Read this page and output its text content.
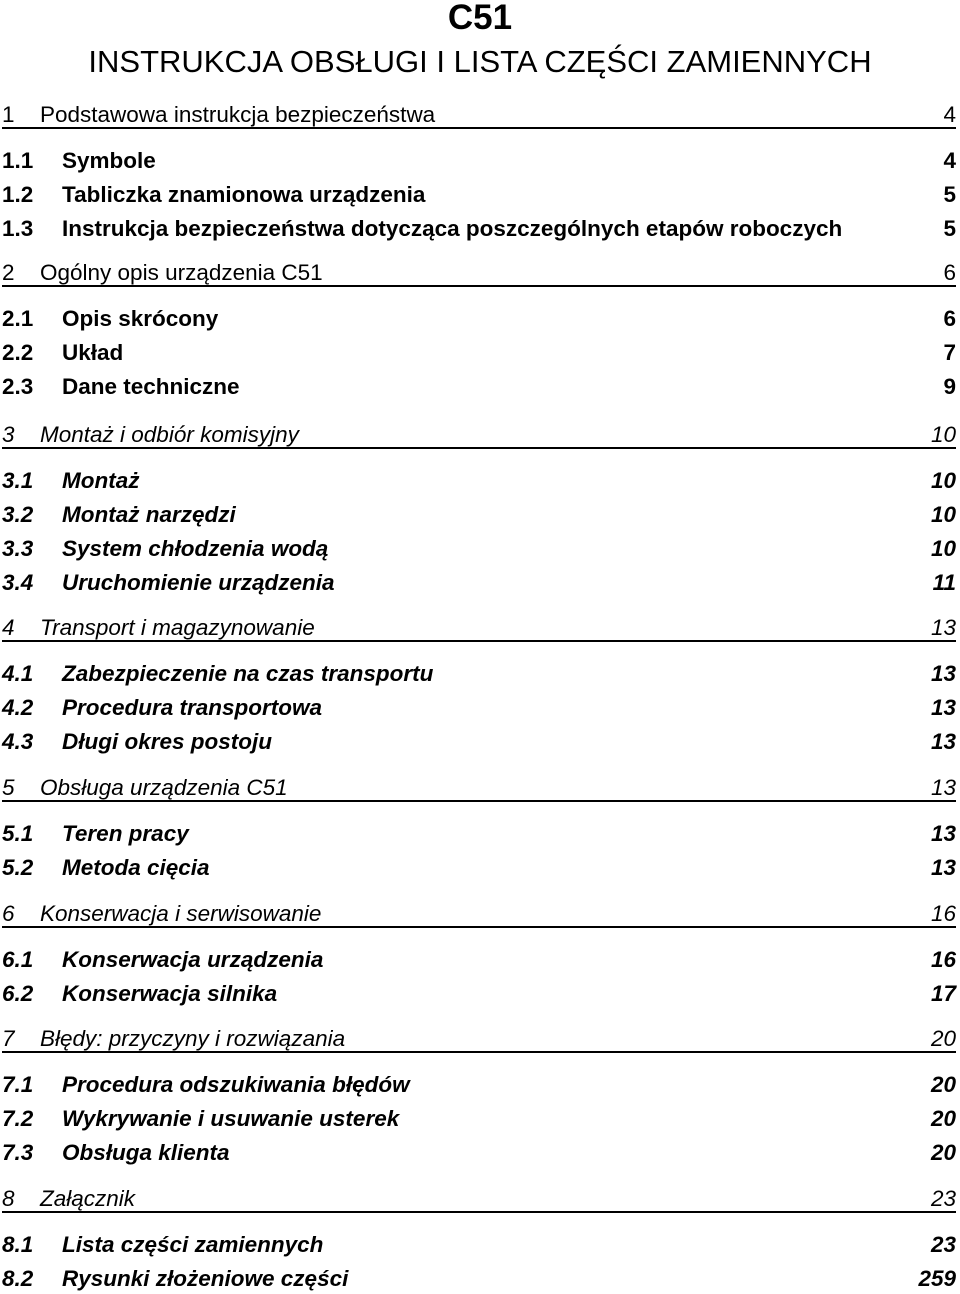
C51
INSTRUKCJA OBSŁUGI I LISTA CZĘŚCI ZAMIENNYCH
1 Podstawowa instrukcja bezpieczeństwa	4
1.1 Symbole	4
1.2 Tabliczka znamionowa urządzenia	5
1.3 Instrukcja bezpieczeństwa dotycząca poszczególnych etapów roboczych	5
2 Ogólny opis urządzenia C51	6
2.1 Opis skrócony	6
2.2 Układ	7
2.3 Dane techniczne	9
3 Montaż i odbiór komisyjny	10
3.1 Montaż	10
3.2 Montaż narzędzi	10
3.3 System chłodzenia wodą	10
3.4 Uruchomienie urządzenia	11
4 Transport i magazynowanie	13
4.1 Zabezpieczenie na czas transportu	13
4.2 Procedura transportowa	13
4.3 Długi okres postoju	13
5 Obsługa urządzenia C51	13
5.1 Teren pracy	13
5.2 Metoda cięcia	13
6 Konserwacja i serwisowanie	16
6.1 Konserwacja urządzenia	16
6.2 Konserwacja silnika	17
7 Błędy: przyczyny i rozwiązania	20
7.1 Procedura odszukiwania błędów	20
7.2 Wykrywanie i usuwanie usterek	20
7.3 Obsługa klienta	20
8 Załącznik	23
8.1 Lista części zamiennych	23
8.2 Rysunki złożeniowe części	259
